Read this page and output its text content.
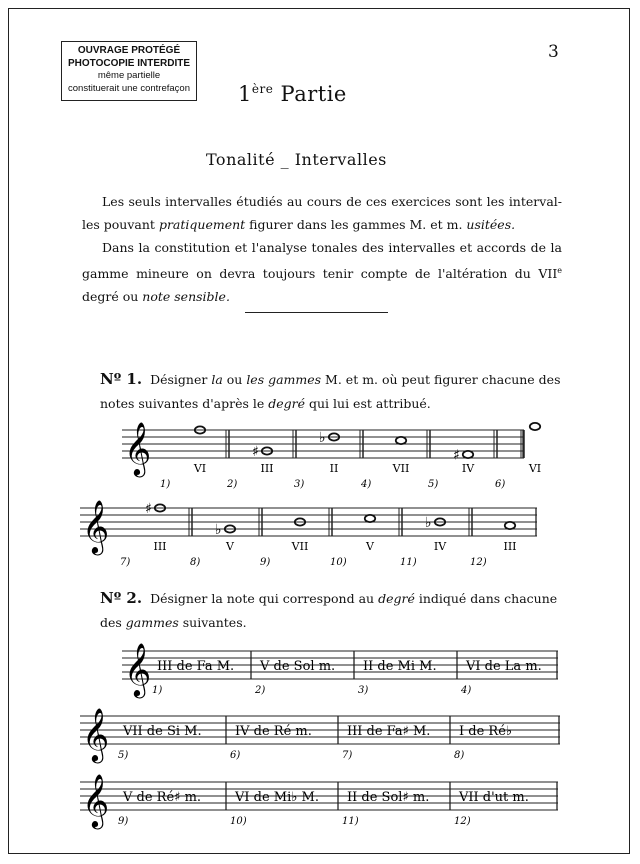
OUVRAGE PROTÉGÉ
PHOTOCOPIE INTERDITE
même partielle
constituerait une contrefaçon
3
1ère Partie
Tonalité _ Intervalles
Les seuls intervalles étudiés au cours de ces exercices sont les interval-les pouvant pratiquement figurer dans les gammes M. et m. usitées.
Dans la constitution et l'analyse tonales des intervalles et accords de la gamme mineure on devra toujours tenir compte de l'altération du VIIe degré ou note sensible.
Nº 1. Désigner la ou les gammes M. et m. où peut figurer chacune des notes suivantes d'après le degré qui lui est attribué.
𝄞	VI
1)
♯
III
2)
♭
II
3)
VII
4)
♯
IV
5)
VI
6)
𝄞	♯
III
7)
♭
V
8)
VII
9)
V
10)
♭
IV
11)
III
12)
Nº 2. Désigner la note qui correspond au degré indiqué dans chacune des gammes suivantes.
𝄞 III de Fa M.
1)
V de Sol m.
2)
II de Mi M.
3)
VI de La m.
4)
𝄞 VII de Si M.
5)
IV de Ré m.
6)
III de Fa♯ M.
7)
I de Ré♭
8)
𝄞 V de Ré♯ m.
9)
VI de Mi♭ M.
10)
II de Sol♯ m.
11)
VII d'ut m.
12)
